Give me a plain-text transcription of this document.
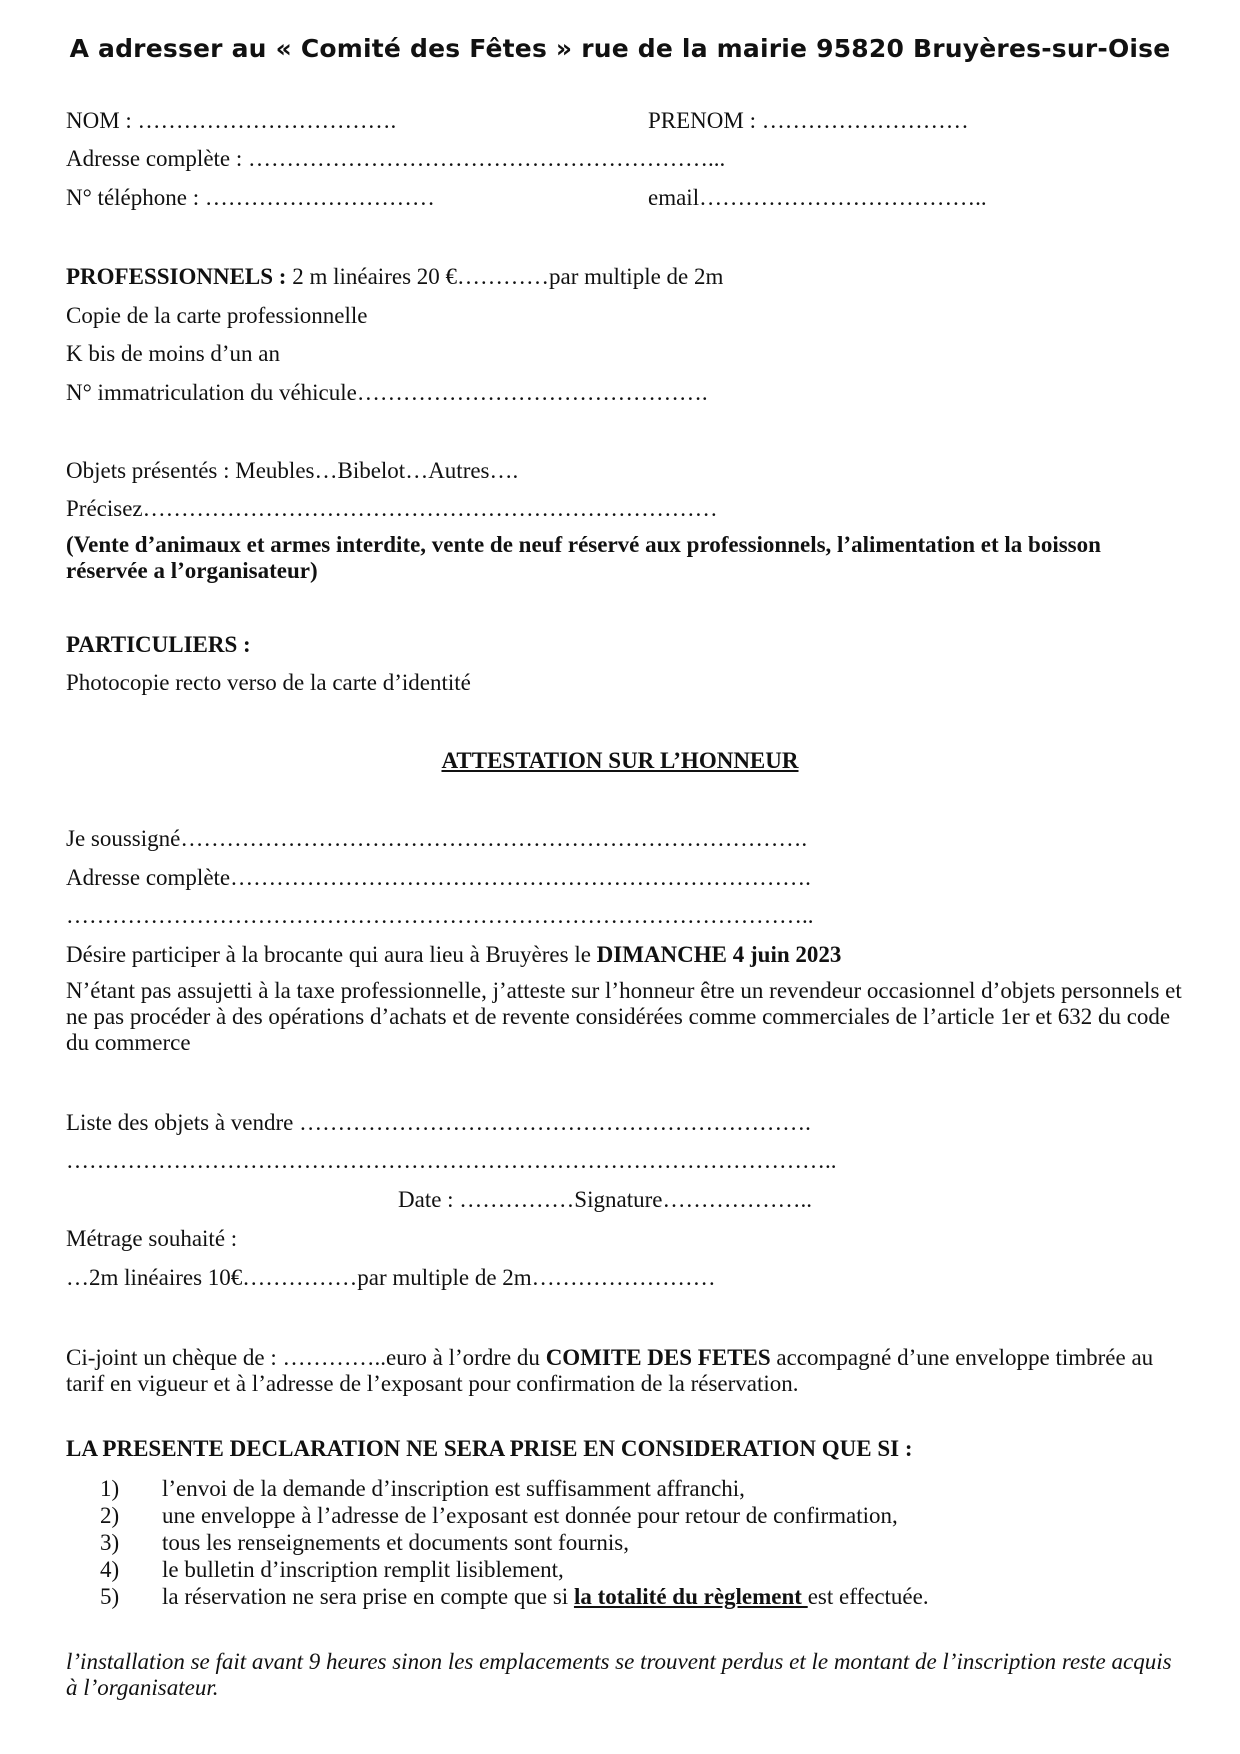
A adresser au « Comité des Fêtes » rue de la mairie 95820 Bruyères-sur-Oise
NOM : …………………………….	PRENOM : ………………………
Adresse complète : ……………………………………………………...
N° téléphone : …………………………	email………………………………..
PROFESSIONNELS : 2 m linéaires 20 €…………par multiple de 2m
Copie de la carte professionnelle
K bis de moins d’un an
N° immatriculation du véhicule……………………………………….
Objets présentés : Meubles…Bibelot…Autres….
Précisez…………………………………………………………………
(Vente d’animaux et armes interdite, vente de neuf réservé aux professionnels, l’alimentation et la boisson réservée a l’organisateur)
PARTICULIERS :
Photocopie recto verso de la carte d’identité
ATTESTATION SUR L’HONNEUR
Je soussigné……………………………………………………………………….
Adresse complète………………………………………………………………….
……………………………………………………………………………………..
Désire participer à la brocante qui aura lieu à Bruyères le DIMANCHE 4 juin 2023
N’étant pas assujetti à la taxe professionnelle, j’atteste sur l’honneur être un revendeur occasionnel d’objets personnels et ne pas procéder à des opérations d’achats et de revente considérées comme commerciales de l’article 1er et 632 du code du commerce
Liste des objets à vendre ………………………………………………………….
………………………………………………………………………………………..
Date : ……………Signature………………..
Métrage souhaité :
…2m linéaires 10€……………par multiple de 2m……………………
Ci-joint un chèque de : …………..euro à l’ordre du COMITE DES FETES accompagné d’une enveloppe timbrée au tarif en vigueur et à l’adresse de l’exposant pour confirmation de la réservation.
LA PRESENTE DECLARATION NE SERA PRISE EN CONSIDERATION QUE SI :
1) l’envoi de la demande d’inscription est suffisamment affranchi,
2) une enveloppe à l’adresse de l’exposant est donnée pour retour de confirmation,
3) tous les renseignements et documents sont fournis,
4) le bulletin d’inscription remplit lisiblement,
5) la réservation ne sera prise en compte que si la totalité du règlement est effectuée.
l’installation se fait avant 9 heures sinon les emplacements se trouvent perdus et le montant de l’inscription reste acquis à l’organisateur.
